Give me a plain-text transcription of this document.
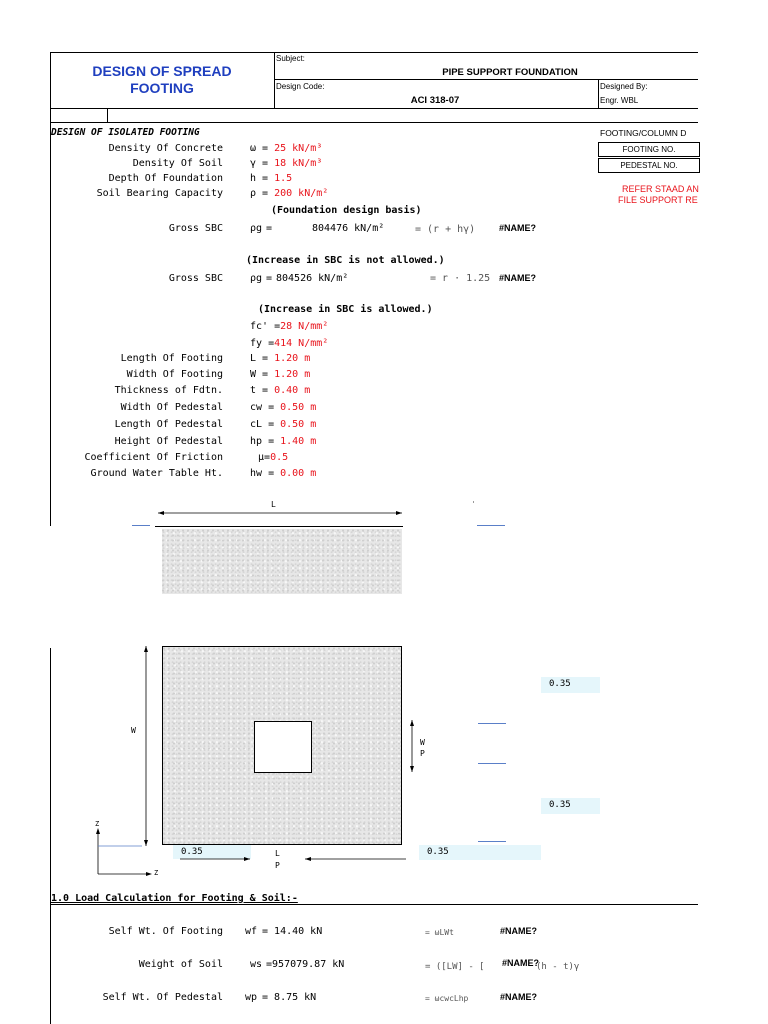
DESIGN OF SPREAD
FOOTING
Subject:
PIPE SUPPORT FOUNDATION
Design Code:
ACI 318-07
Designed By:
Engr. WBL
FOOTING/COLUMN D
FOOTING NO.
PEDESTAL NO.
REFER STAAD AN
FILE SUPPORT RE
DESIGN OF ISOLATED FOOTING
Density Of Concrete	ω = 25 kN/m³
Density Of Soil	γ = 18 kN/m³
Depth Of Foundation	h = 1.5
Soil Bearing Capacity	ρ = 200 kN/m²
(Foundation design basis)
Gross SBC	ρg =	804476 kN/m²	= (r + hγ)	#NAME?
(Increase in SBC is not allowed.)
Gross SBC	ρg = 804526 kN/m²	= r · 1.25 #NAME?
(Increase in SBC is allowed.)
fc' =28 N/mm²
fy =414 N/mm²
Length Of Footing	L = 1.20 m
Width Of Footing	W = 1.20 m
Thickness of Fdtn.	t = 0.40 m
Width Of Pedestal	cw = 0.50 m
Length Of Pedestal	cL = 0.50 m
Height Of Pedestal	hp = 1.40 m
Coefficient Of Friction	μ=0.5
Ground Water Table Ht.	hw = 0.00 m
L
W
W
P
0.35
0.35
0.35	0.35
L
P
Z
Z
1.0 Load Calculation for Footing & Soil:-
Self Wt. Of Footing wf = 14.40 kN	= ωLWt	#NAME?
Weight of Soil	ws =957079.87 kN	= ([LW] - [ #NAME?
(h - t)γ
Self Wt. Of Pedestal wp = 8.75 kN	= ωcwcLhp	#NAME?
